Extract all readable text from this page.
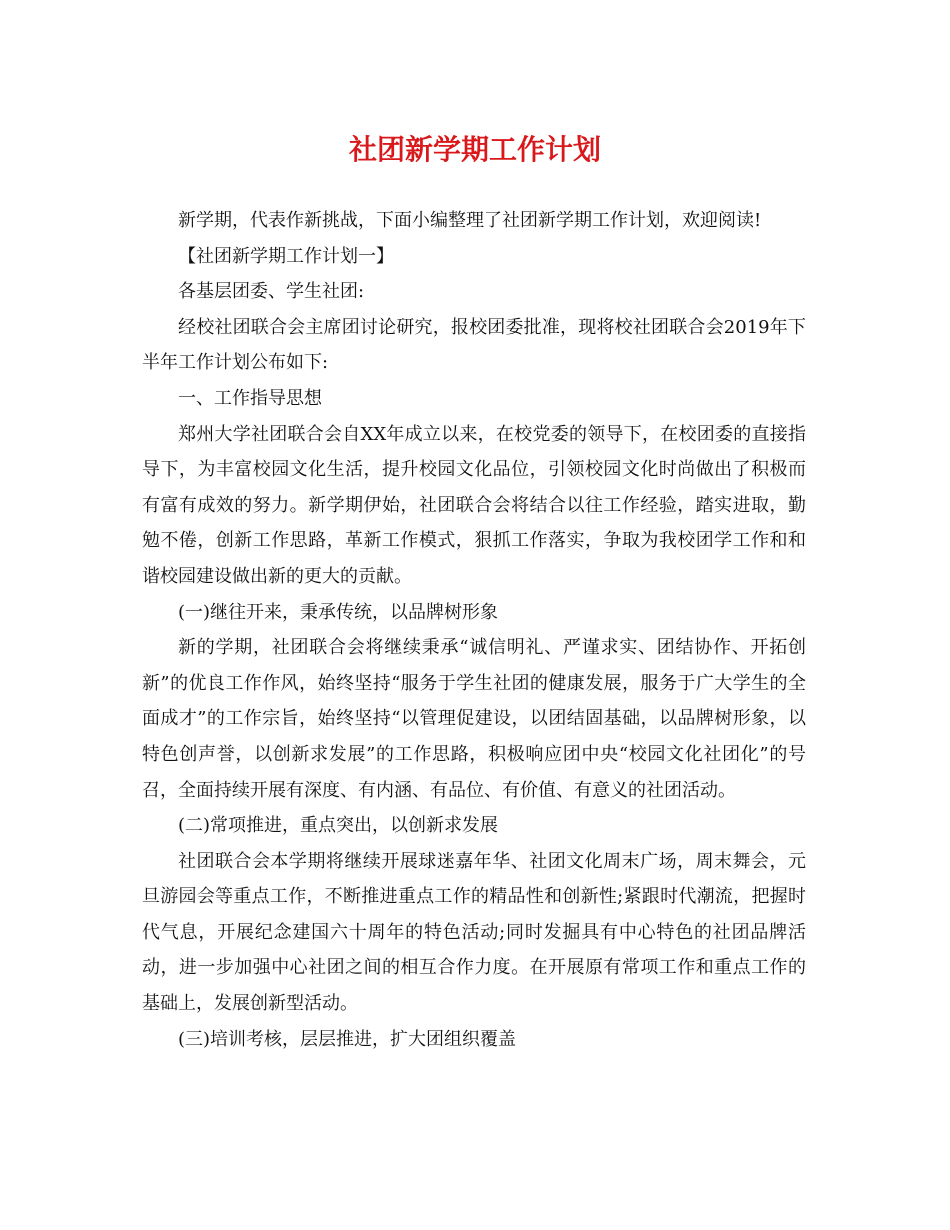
社团新学期工作计划

新学期，代表作新挑战，下面小编整理了社团新学期工作计划，欢迎阅读!

【社团新学期工作计划一】

各基层团委、学生社团:

经校社团联合会主席团讨论研究，报校团委批准，现将校社团联合会2019年下半年工作计划公布如下:

一、工作指导思想

郑州大学社团联合会自XX年成立以来，在校党委的领导下，在校团委的直接指导下，为丰富校园文化生活，提升校园文化品位，引领校园文化时尚做出了积极而有富有成效的努力。新学期伊始，社团联合会将结合以往工作经验，踏实进取，勤勉不倦，创新工作思路，革新工作模式，狠抓工作落实，争取为我校团学工作和和谐校园建设做出新的更大的贡献。

(一)继往开来，秉承传统，以品牌树形象

新的学期，社团联合会将继续秉承“诚信明礼、严谨求实、团结协作、开拓创新”的优良工作作风，始终坚持“服务于学生社团的健康发展，服务于广大学生的全面成才”的工作宗旨，始终坚持“以管理促建设，以团结固基础，以品牌树形象，以特色创声誉，以创新求发展”的工作思路，积极响应团中央“校园文化社团化”的号召，全面持续开展有深度、有内涵、有品位、有价值、有意义的社团活动。

(二)常项推进，重点突出，以创新求发展

社团联合会本学期将继续开展球迷嘉年华、社团文化周末广场，周末舞会，元旦游园会等重点工作，不断推进重点工作的精品性和创新性;紧跟时代潮流，把握时代气息，开展纪念建国六十周年的特色活动;同时发掘具有中心特色的社团品牌活动，进一步加强中心社团之间的相互合作力度。在开展原有常项工作和重点工作的基础上，发展创新型活动。

(三)培训考核，层层推进，扩大团组织覆盖
